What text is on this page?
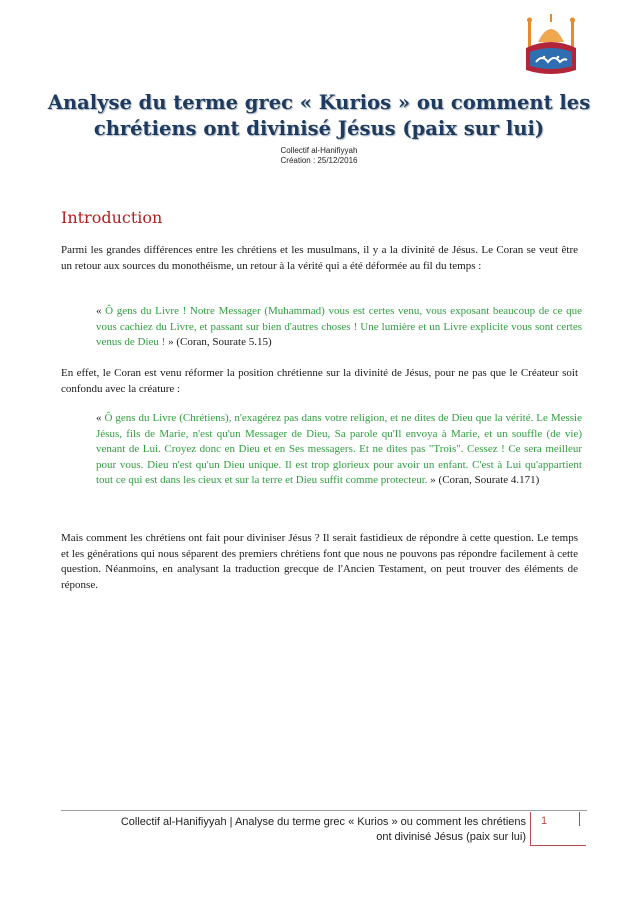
Analyse du terme grec « Kurios » ou comment les
chrétiens ont divinisé Jésus (paix sur lui)
Collectif al-Hanifiyyah
Création : 25/12/2016
Introduction
Parmi les grandes différences entre les chrétiens et les musulmans, il y a la divinité de Jésus. Le Coran se veut être un retour aux sources du monothéisme, un retour à la vérité qui a été déformée au fil du temps :
« Ô gens du Livre ! Notre Messager (Muhammad) vous est certes venu, vous exposant beaucoup de ce que vous cachiez du Livre, et passant sur bien d'autres choses ! Une lumière et un Livre explicite vous sont certes venus de Dieu ! » (Coran, Sourate 5.15)
En effet, le Coran est venu réformer la position chrétienne sur la divinité de Jésus, pour ne pas que le Créateur soit confondu avec la créature :
« Ô gens du Livre (Chrétiens), n'exagérez pas dans votre religion, et ne dites de Dieu que la vérité. Le Messie Jésus, fils de Marie, n'est qu'un Messager de Dieu, Sa parole qu'Il envoya à Marie, et un souffle (de vie) venant de Lui. Croyez donc en Dieu et en Ses messagers. Et ne dites pas "Trois". Cessez ! Ce sera meilleur pour vous. Dieu n'est qu'un Dieu unique. Il est trop glorieux pour avoir un enfant. C'est à Lui qu'appartient tout ce qui est dans les cieux et sur la terre et Dieu suffit comme protecteur. » (Coran, Sourate 4.171)
Mais comment les chrétiens ont fait pour diviniser Jésus ? Il serait fastidieux de répondre à cette question. Le temps et les générations qui nous séparent des premiers chrétiens font que nous ne pouvons pas répondre facilement à cette question. Néanmoins, en analysant la traduction grecque de l'Ancien Testament, on peut trouver des éléments de réponse.
Collectif al-Hanifiyyah | Analyse du terme grec « Kurios » ou comment les chrétiens
ont divinisé Jésus (paix sur lui)
1
